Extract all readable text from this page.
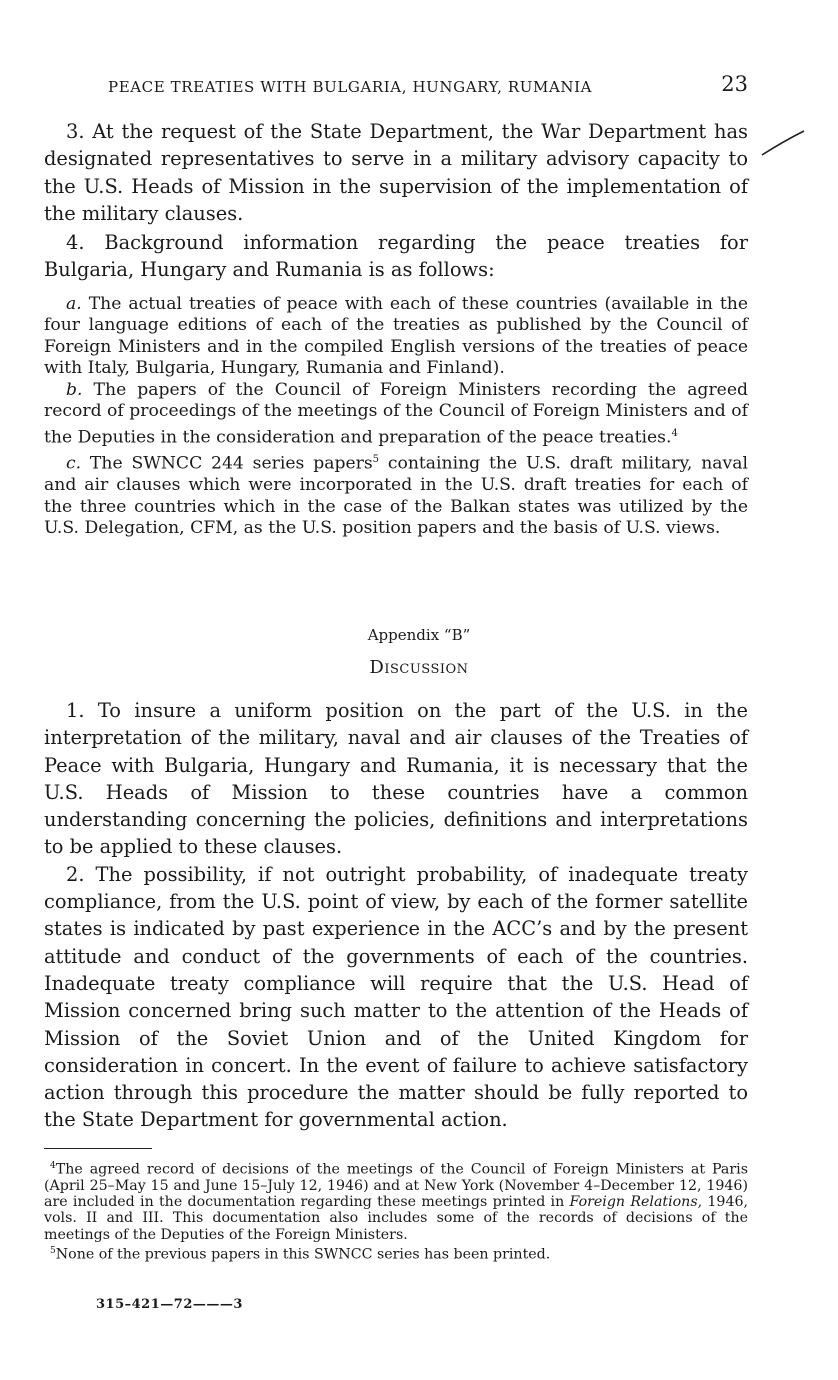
PEACE TREATIES WITH BULGARIA, HUNGARY, RUMANIA	23

3. At the request of the State Department, the War Department has designated representatives to serve in a military advisory capacity to the U.S. Heads of Mission in the supervision of the implementation of the military clauses.

4. Background information regarding the peace treaties for Bulgaria, Hungary and Rumania is as follows:

a. The actual treaties of peace with each of these countries (available in the four language editions of each of the treaties as published by the Council of Foreign Ministers and in the compiled English versions of the treaties of peace with Italy, Bulgaria, Hungary, Rumania and Finland).

b. The papers of the Council of Foreign Ministers recording the agreed record of proceedings of the meetings of the Council of Foreign Ministers and of the Deputies in the consideration and preparation of the peace treaties.$^4$

c. The SWNCC 244 series papers$^5$ containing the U.S. draft military, naval and air clauses which were incorporated in the U.S. draft treaties for each of the three countries which in the case of the Balkan states was utilized by the U.S. Delegation, CFM, as the U.S. position papers and the basis of U.S. views.

Appendix “B”
Discussion

1. To insure a uniform position on the part of the U.S. in the interpretation of the military, naval and air clauses of the Treaties of Peace with Bulgaria, Hungary and Rumania, it is necessary that the U.S. Heads of Mission to these countries have a common understanding concerning the policies, definitions and interpretations to be applied to these clauses.

2. The possibility, if not outright probability, of inadequate treaty compliance, from the U.S. point of view, by each of the former satellite states is indicated by past experience in the ACC’s and by the present attitude and conduct of the governments of each of the countries. Inadequate treaty compliance will require that the U.S. Head of Mission concerned bring such matter to the attention of the Heads of Mission of the Soviet Union and of the United Kingdom for consideration in concert. In the event of failure to achieve satisfactory action through this procedure the matter should be fully reported to the State Department for governmental action.

$^4$The agreed record of decisions of the meetings of the Council of Foreign Ministers at Paris (April 25–May 15 and June 15–July 12, 1946) and at New York (November 4–December 12, 1946) are included in the documentation regarding these meetings printed in Foreign Relations, 1946, vols. II and III. This documentation also includes some of the records of decisions of the meetings of the Deputies of the Foreign Ministers.

$^5$None of the previous papers in this SWNCC series has been printed.

315–421—72———3
